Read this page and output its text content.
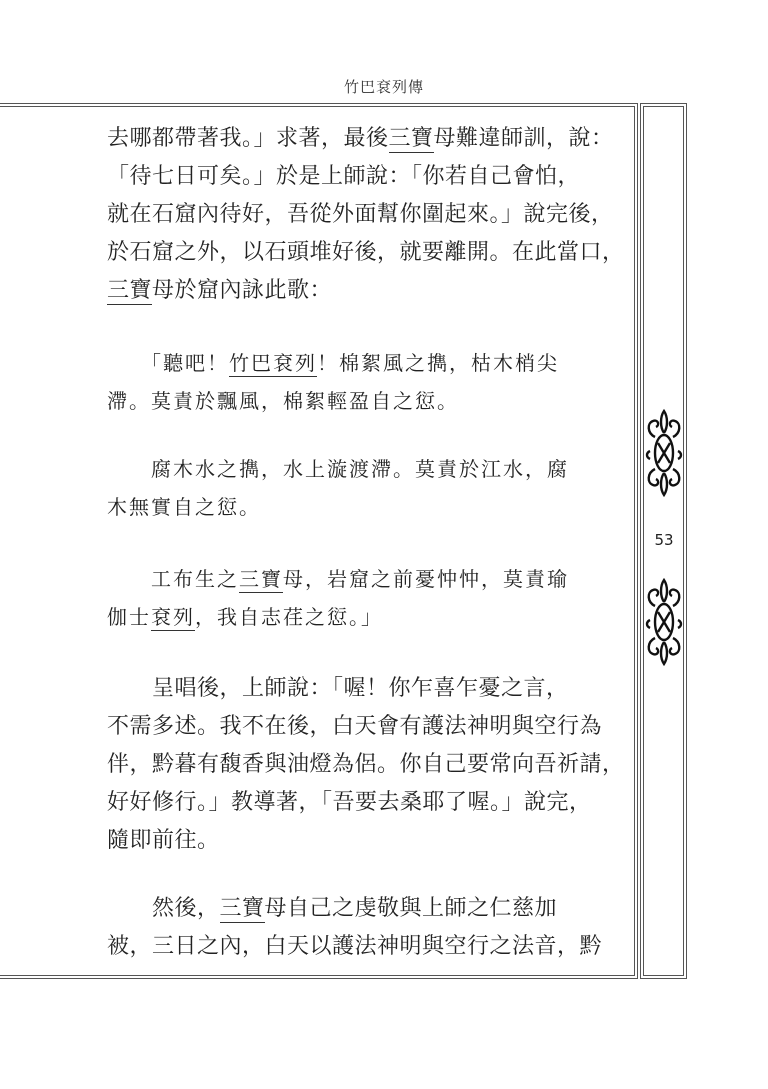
竹巴袞列傳
53
去哪都帶著我。」求著，最後三寶母難違師訓，說：
「待七日可矣。」於是上師說：「你若自己會怕，
就在石窟內待好，吾從外面幫你圍起來。」說完後，
於石窟之外，以石頭堆好後，就要離開。在此當口，
三寶母於窟內詠此歌：
　　「聽吧！竹巴袞列！棉絮風之擕，枯木梢尖
滯。莫責於飄風，棉絮輕盈自之愆。
　　腐木水之擕，水上漩渡滯。莫責於江水，腐
木無實自之愆。
　　工布生之三寶母，岩窟之前憂忡忡，莫責瑜
伽士袞列，我自志荏之愆。」
　　呈唱後，上師說：「喔！你乍喜乍憂之言，
不需多述。我不在後，白天會有護法神明與空行為
伴，黔暮有馥香與油燈為侶。你自己要常向吾祈請，
好好修行。」教導著，「吾要去桑耶了喔。」說完，
隨即前往。
　　然後，三寶母自己之虔敬與上師之仁慈加
被，三日之內，白天以護法神明與空行之法音，黔
